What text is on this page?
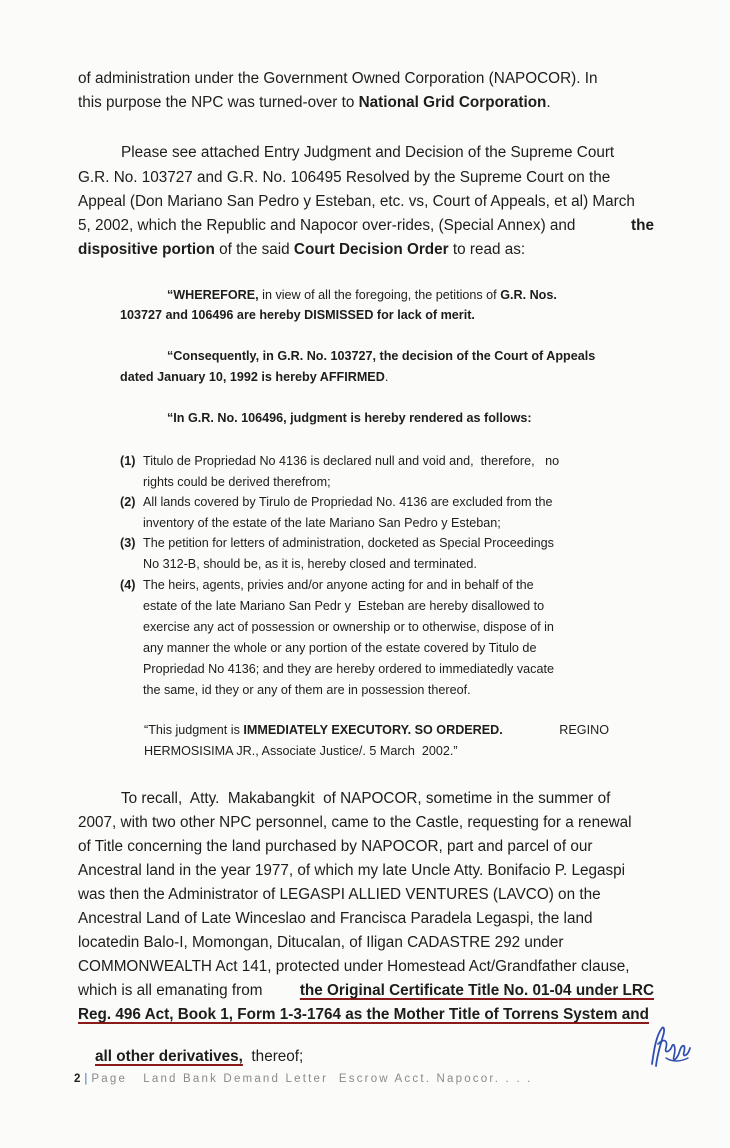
of administration under the Government Owned Corporation (NAPOCOR). In
this purpose the NPC was turned-over to National Grid Corporation.
Please see attached Entry Judgment and Decision of the Supreme Court
G.R. No. 103727 and G.R. No. 106495 Resolved by the Supreme Court on the
Appeal (Don Mariano San Pedro y Esteban, etc. vs, Court of Appeals, et al) March
5, 2002, which the Republic and Napocor over-rides, (Special Annex) and	the
dispositive portion of the said Court Decision Order to read as:
“WHEREFORE, in view of all the foregoing, the petitions of G.R. Nos.
103727 and 106496 are hereby DISMISSED for lack of merit.
“Consequently, in G.R. No. 103727, the decision of the Court of Appeals
dated January 10, 1992 is hereby AFFIRMED.
“In G.R. No. 106496, judgment is hereby rendered as follows:
(1) Titulo de Propriedad No 4136 is declared null and void and,  therefore,   no
rights could be derived therefrom;
(2) All lands covered by Tirulo de Propriedad No. 4136 are excluded from the
inventory of the estate of the late Mariano San Pedro y Esteban;
(3) The petition for letters of administration, docketed as Special Proceedings
No 312-B, should be, as it is, hereby closed and terminated.
(4) The heirs, agents, privies and/or anyone acting for and in behalf of the
estate of the late Mariano San Pedr y  Esteban are hereby disallowed to
exercise any act of possession or ownership or to otherwise, dispose of in
any manner the whole or any portion of the estate covered by Titulo de
Propriedad No 4136; and they are hereby ordered to immediatedly vacate
the same, id they or any of them are in possession thereof.
“This judgment is IMMEDIATELY EXECUTORY. SO ORDERED.	REGINO
HERMOSISIMA JR., Associate Justice/. 5 March  2002.”
To recall,  Atty.  Makabangkit  of NAPOCOR, sometime in the summer of
2007, with two other NPC personnel, came to the Castle, requesting for a renewal
of Title concerning the land purchased by NAPOCOR, part and parcel of our
Ancestral land in the year 1977, of which my late Uncle Atty. Bonifacio P. Legaspi
was then the Administrator of LEGASPI ALLIED VENTURES (LAVCO) on the
Ancestral Land of Late Winceslao and Francisca Paradela Legaspi, the land
locatedin Balo-I, Momongan, Ditucalan, of Iligan CADASTRE 292 under
COMMONWEALTH Act 141, protected under Homestead Act/Grandfather clause,
which is all emanating from the Original Certificate Title No. 01-04 under LRC
Reg. 496 Act, Book 1, Form 1-3-1764 as the Mother Title of Torrens System and

all other derivatives,  thereof;

2 | Page   Land Bank Demand Letter  Escrow Acct. Napocor. . . .
